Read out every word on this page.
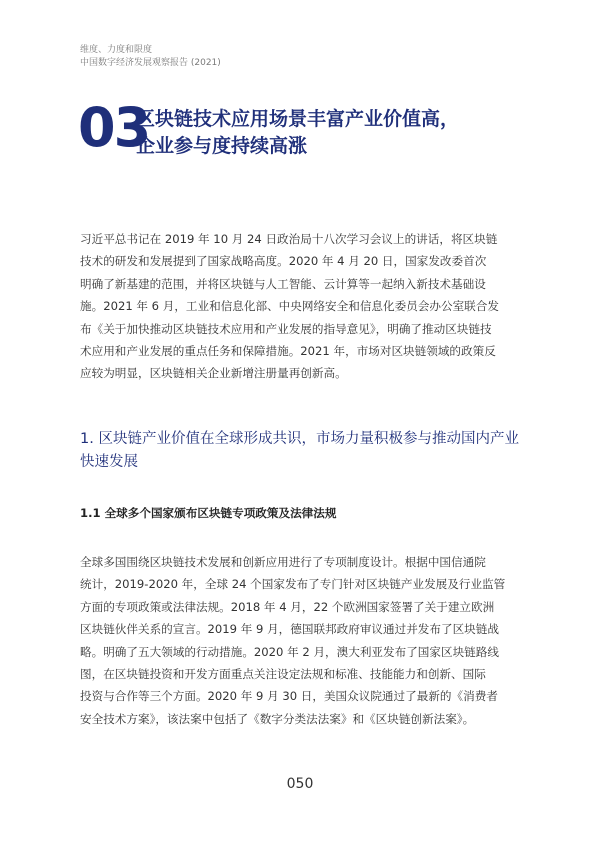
维度、力度和限度
中国数字经济发展观察报告 (2021)
03
区块链技术应用场景丰富产业价值高，
企业参与度持续高涨
习近平总书记在 2019 年 10 月 24 日政治局十八次学习会议上的讲话，将区块链
技术的研发和发展提到了国家战略高度。2020 年 4 月 20 日，国家发改委首次
明确了新基建的范围，并将区块链与人工智能、云计算等一起纳入新技术基础设
施。2021 年 6 月，工业和信息化部、中央网络安全和信息化委员会办公室联合发
布《关于加快推动区块链技术应用和产业发展的指导意见》，明确了推动区块链技
术应用和产业发展的重点任务和保障措施。2021 年，市场对区块链领域的政策反
应较为明显，区块链相关企业新增注册量再创新高。
1. 区块链产业价值在全球形成共识，市场力量积极参与推动国内产业
快速发展
1.1 全球多个国家颁布区块链专项政策及法律法规
全球多国围绕区块链技术发展和创新应用进行了专项制度设计。根据中国信通院
统计，2019-2020 年，全球 24 个国家发布了专门针对区块链产业发展及行业监管
方面的专项政策或法律法规。2018 年 4 月，22 个欧洲国家签署了关于建立欧洲
区块链伙伴关系的宣言。2019 年 9 月，德国联邦政府审议通过并发布了区块链战
略。明确了五大领域的行动措施。2020 年 2 月，澳大利亚发布了国家区块链路线
图，在区块链投资和开发方面重点关注设定法规和标准、技能能力和创新、国际
投资与合作等三个方面。2020 年 9 月 30 日，美国众议院通过了最新的《消费者
安全技术方案》，该法案中包括了《数字分类法法案》和《区块链创新法案》。
050
